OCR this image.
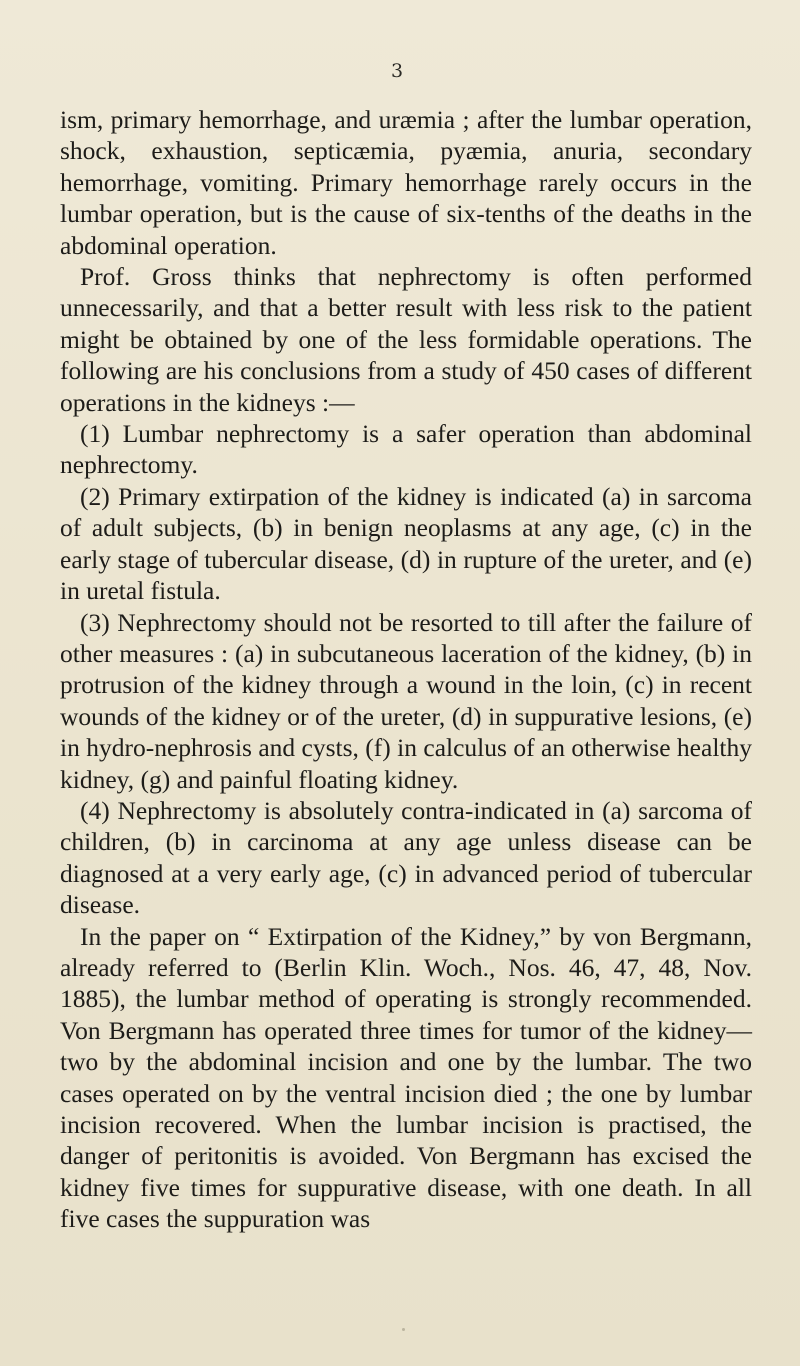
3

ism, primary hemorrhage, and uræmia ; after the lumbar operation, shock, exhaustion, septicæmia, pyæmia, anuria, secondary hemorrhage, vomiting. Primary hemorrhage rarely occurs in the lumbar operation, but is the cause of six-tenths of the deaths in the abdominal operation.

Prof. Gross thinks that nephrectomy is often performed unnecessarily, and that a better result with less risk to the patient might be obtained by one of the less formidable operations. The following are his conclusions from a study of 450 cases of different operations in the kidneys :—

(1) Lumbar nephrectomy is a safer operation than abdominal nephrectomy.

(2) Primary extirpation of the kidney is indicated (a) in sarcoma of adult subjects, (b) in benign neoplasms at any age, (c) in the early stage of tubercular disease, (d) in rupture of the ureter, and (e) in uretal fistula.

(3) Nephrectomy should not be resorted to till after the failure of other measures : (a) in subcutaneous laceration of the kidney, (b) in protrusion of the kidney through a wound in the loin, (c) in recent wounds of the kidney or of the ureter, (d) in suppurative lesions, (e) in hydro-nephrosis and cysts, (f) in calculus of an otherwise healthy kidney, (g) and painful floating kidney.

(4) Nephrectomy is absolutely contra-indicated in (a) sarcoma of children, (b) in carcinoma at any age unless disease can be diagnosed at a very early age, (c) in advanced period of tubercular disease.

In the paper on “ Extirpation of the Kidney,” by von Bergmann, already referred to (Berlin Klin. Woch., Nos. 46, 47, 48, Nov. 1885), the lumbar method of operating is strongly recommended. Von Bergmann has operated three times for tumor of the kidney—two by the abdominal incision and one by the lumbar. The two cases operated on by the ventral incision died ; the one by lumbar incision recovered. When the lumbar incision is practised, the danger of peritonitis is avoided. Von Bergmann has excised the kidney five times for suppurative disease, with one death. In all five cases the suppuration was
